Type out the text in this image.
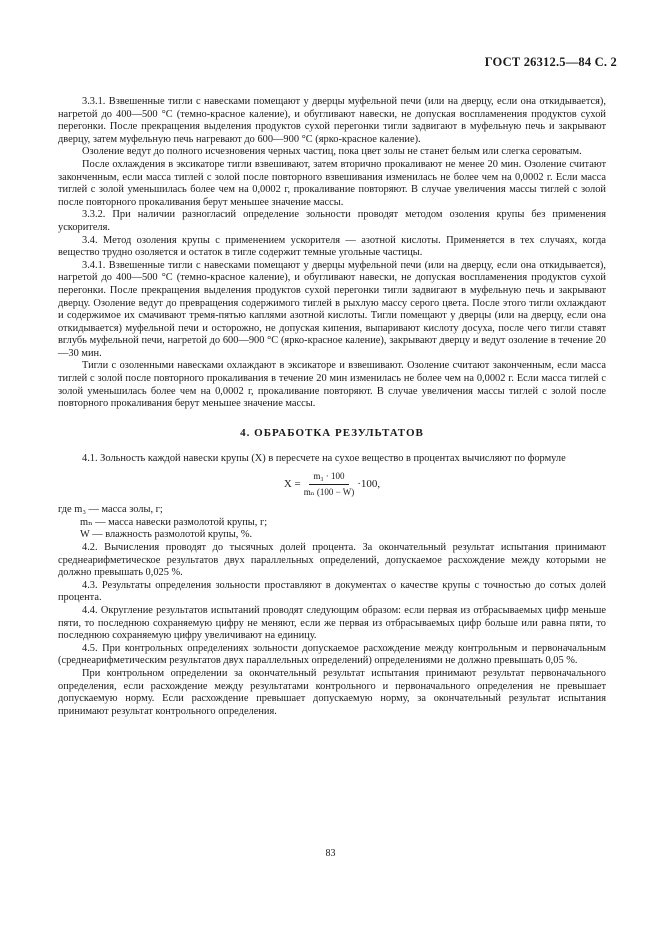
ГОСТ 26312.5—84 С. 2

3.3.1. Взвешенные тигли с навесками помещают у дверцы муфельной печи (или на дверцу, если она откидывается), нагретой до 400—500 °С (темно-красное каление), и обугливают навески, не допуская воспламенения продуктов сухой перегонки. После прекращения выделения продуктов сухой перегонки тигли задвигают в муфельную печь и закрывают дверцу, затем муфельную печь нагревают до 600—900 °С (ярко-красное каление).

Озоление ведут до полного исчезновения черных частиц, пока цвет золы не станет белым или слегка сероватым.

После охлаждения в эксикаторе тигли взвешивают, затем вторично прокаливают не менее 20 мин. Озоление считают законченным, если масса тиглей с золой после повторного взвешивания изменилась не более чем на 0,0002 г. Если масса тиглей с золой уменьшилась более чем на 0,0002 г, прокаливание повторяют. В случае увеличения массы тиглей с золой после повторного прокаливания берут меньшее значение массы.

3.3.2. При наличии разногласий определение зольности проводят методом озоления крупы без применения ускорителя.

3.4. Метод озоления крупы с применением ускорителя — азотной кислоты. Применяется в тех случаях, когда вещество трудно озоляется и остаток в тигле содержит темные угольные частицы.

3.4.1. Взвешенные тигли с навесками помещают у дверцы муфельной печи (или на дверцу, если она откидывается), нагретой до 400—500 °С (темно-красное каление), и обугливают навески, не допуская воспламенения продуктов сухой перегонки. После прекращения выделения продуктов сухой перегонки тигли задвигают в муфельную печь и закрывают дверцу. Озоление ведут до превращения содержимого тиглей в рыхлую массу серого цвета. После этого тигли охлаждают и содержимое их смачивают тремя-пятью каплями азотной кислоты. Тигли помещают у дверцы (или на дверцу, если она откидывается) муфельной печи и осторожно, не допуская кипения, выпаривают кислоту досуха, после чего тигли ставят вглубь муфельной печи, нагретой до 600—900 °С (ярко-красное каление), закрывают дверцу и ведут озоление в течение 20—30 мин.

Тигли с озоленными навесками охлаждают в эксикаторе и взвешивают. Озоление считают законченным, если масса тиглей с золой после повторного прокаливания в течение 20 мин изменилась не более чем на 0,0002 г. Если масса тиглей с золой уменьшилась более чем на 0,0002 г, прокаливание повторяют. В случае увеличения массы тиглей с золой после повторного прокаливания берут меньшее значение массы.

4. ОБРАБОТКА РЕЗУЛЬТАТОВ

4.1. Зольность каждой навески крупы (X) в пересчете на сухое вещество в процентах вычисляют по формуле

$X = \frac{\text{m₃ · 100}}{\text{mₙ (100 − W)}} \cdot 100$,
где m₃ — масса золы, г;
mₙ — масса навески размолотой крупы, г;
W — влажность размолотой крупы, %.

4.2. Вычисления проводят до тысячных долей процента. За окончательный результат испытания принимают среднеарифметическое результатов двух параллельных определений, допускаемое расхождение между которыми не должно превышать 0,025 %.

4.3. Результаты определения зольности проставляют в документах о качестве крупы с точностью до сотых долей процента.

4.4. Округление результатов испытаний проводят следующим образом: если первая из отбрасываемых цифр меньше пяти, то последнюю сохраняемую цифру не меняют, если же первая из отбрасываемых цифр больше или равна пяти, то последнюю сохраняемую цифру увеличивают на единицу.

4.5. При контрольных определениях зольности допускаемое расхождение между контрольным и первоначальным (среднеарифметическим результатов двух параллельных определений) определениями не должно превышать 0,05 %.

При контрольном определении за окончательный результат испытания принимают результат первоначального определения, если расхождение между результатами контрольного и первоначального определения не превышает допускаемую норму. Если расхождение превышает допускаемую норму, за окончательный результат испытания принимают результат контрольного определения.

83
